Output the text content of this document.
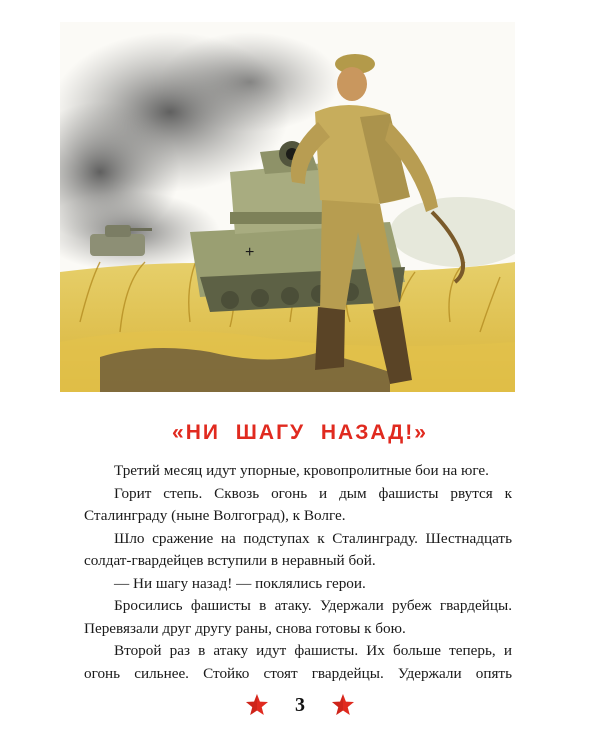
+
«НИ ШАГУ НАЗАД!»

Третий месяц идут упорные, кровопролитные бои на юге.

Горит степь. Сквозь огонь и дым фашисты рвутся к Сталинграду (ныне Волгоград), к Волге.

Шло сражение на подступах к Сталинграду. Шестнадцать солдат-гвардейцев вступили в неравный бой.

— Ни шагу назад! — поклялись герои.

Бросились фашисты в атаку. Удержали рубеж гвардейцы. Перевязали друг другу раны, снова готовы к бою.

Второй раз в атаку идут фашисты. Их больше теперь, и огонь сильнее. Стойко стоят гвардейцы. Удержали опять

3
